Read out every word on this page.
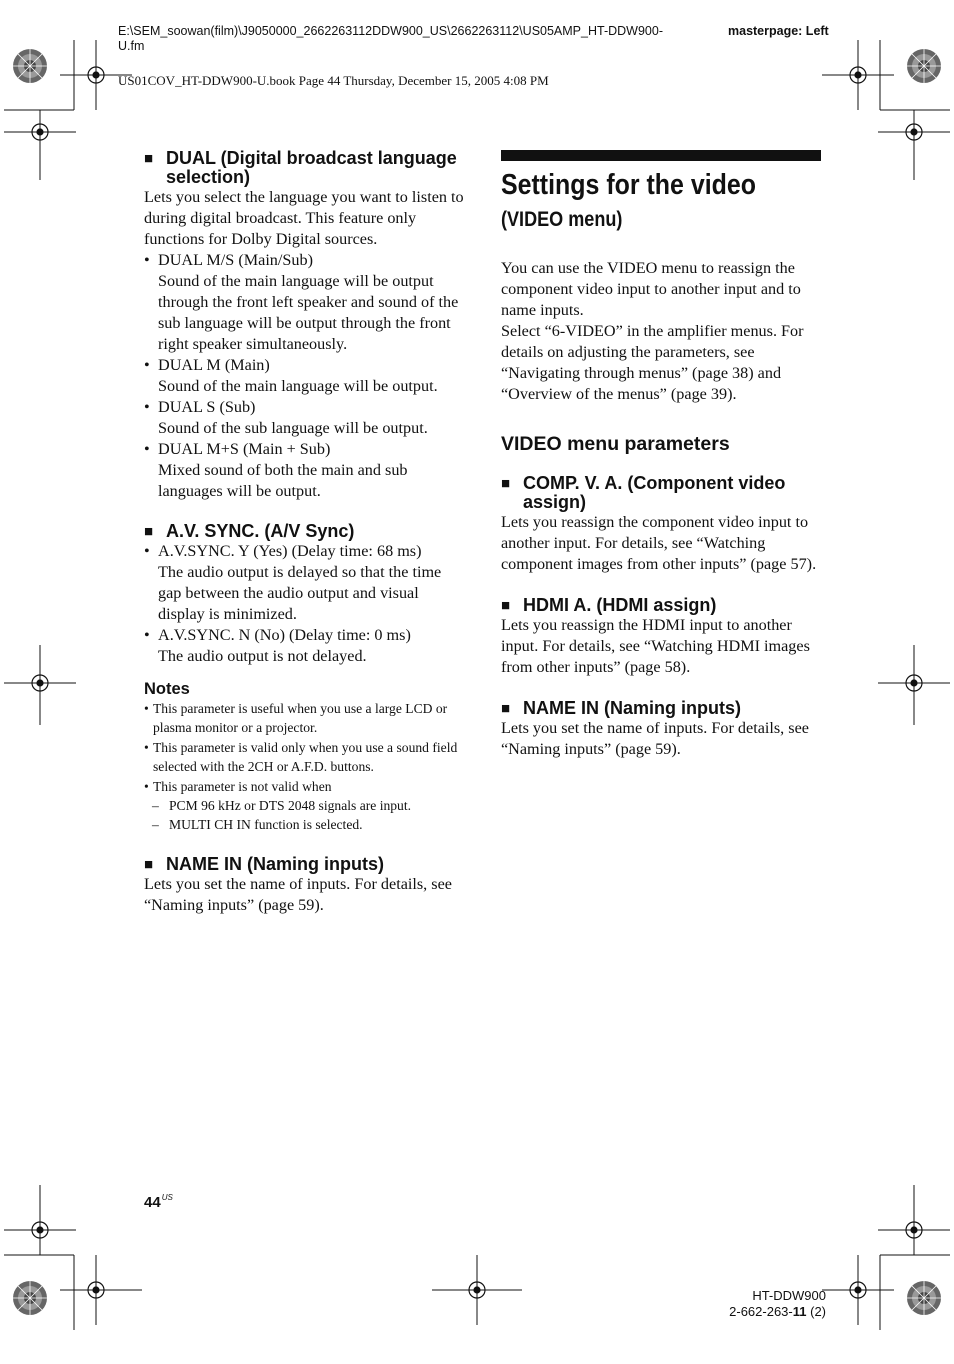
E:\SEM_soowan(film)\J9050000_2662263112DDW900_US\2662263112\US05AMP_HT-DDW900-U.fm
masterpage: Left
US01COV_HT-DDW900-U.book Page 44 Thursday, December 15, 2005 4:08 PM
■ DUAL (Digital broadcast language selection)

Lets you select the language you want to listen to during digital broadcast. This feature only functions for Dolby Digital sources.

• DUAL M/S (Main/Sub)
Sound of the main language will be output through the front left speaker and sound of the sub language will be output through the front right speaker simultaneously.
• DUAL M (Main)
Sound of the main language will be output.
• DUAL S (Sub)
Sound of the sub language will be output.
• DUAL M+S (Main + Sub)
Mixed sound of both the main and sub languages will be output.
■ A.V. SYNC. (A/V Sync)
• A.V.SYNC. Y (Yes) (Delay time: 68 ms)
The audio output is delayed so that the time gap between the audio output and visual display is minimized.
• A.V.SYNC. N (No) (Delay time: 0 ms)
The audio output is not delayed.
Notes
• This parameter is useful when you use a large LCD or plasma monitor or a projector.
• This parameter is valid only when you use a sound field selected with the 2CH or A.F.D. buttons.
• This parameter is not valid when
– PCM 96 kHz or DTS 2048 signals are input.
– MULTI CH IN function is selected.
■ NAME IN (Naming inputs)

Lets you set the name of inputs. For details, see “Naming inputs” (page 59).

Settings for the video
(VIDEO menu)

You can use the VIDEO menu to reassign the component video input to another input and to name inputs.

Select “6-VIDEO” in the amplifier menus. For details on adjusting the parameters, see “Navigating through menus” (page 38) and “Overview of the menus” (page 39).

VIDEO menu parameters
■ COMP. V. A. (Component video assign)

Lets you reassign the component video input to another input. For details, see “Watching component images from other inputs” (page 57).

■ HDMI A. (HDMI assign)

Lets you reassign the HDMI input to another input. For details, see “Watching HDMI images from other inputs” (page 58).

■ NAME IN (Naming inputs)

Lets you set the name of inputs. For details, see “Naming inputs” (page 59).

$44^{US}$
HT-DDW900
2-662-263-11 (2)
